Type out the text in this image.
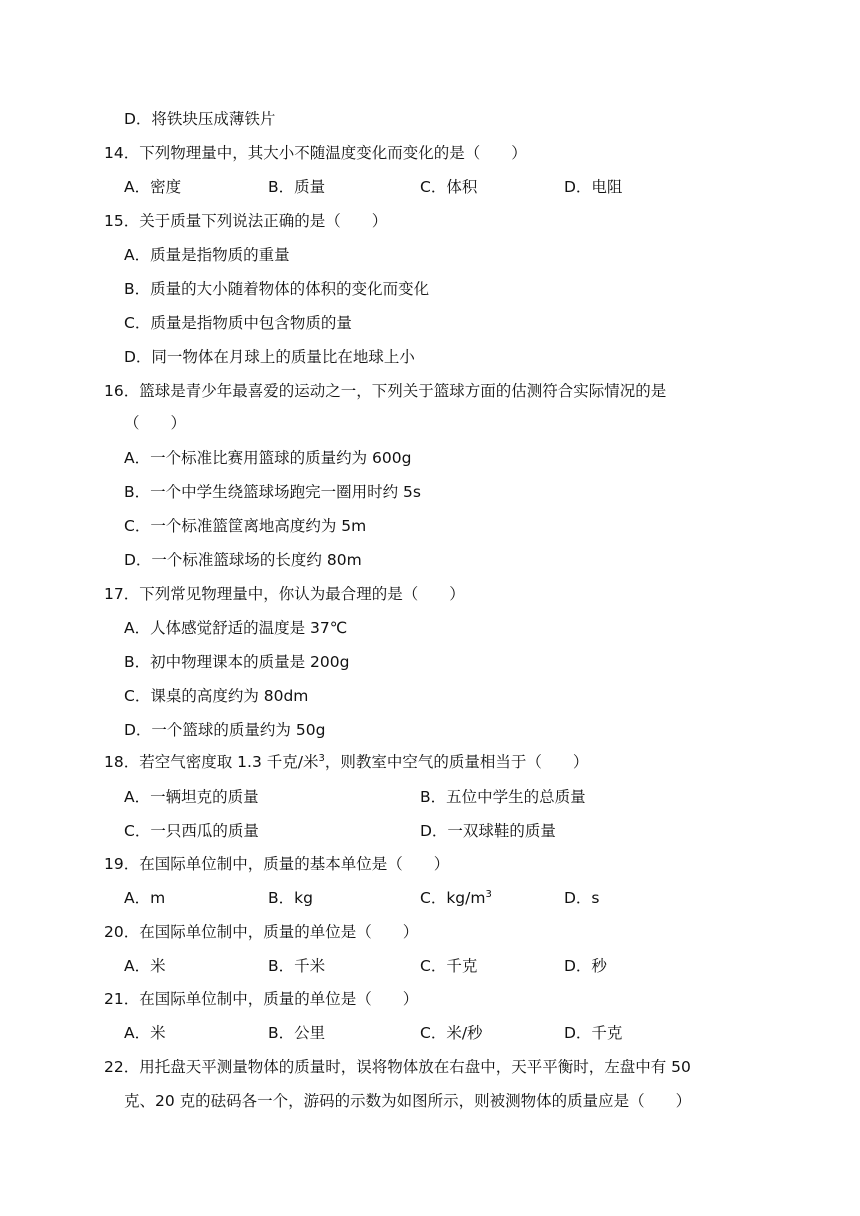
D．将铁块压成薄铁片
14．下列物理量中，其大小不随温度变化而变化的是（　　）
A．密度	B．质量	C．体积	D．电阻
15．关于质量下列说法正确的是（　　）
A．质量是指物质的重量
B．质量的大小随着物体的体积的变化而变化
C．质量是指物质中包含物质的量
D．同一物体在月球上的质量比在地球上小
16．篮球是青少年最喜爱的运动之一，下列关于篮球方面的估测符合实际情况的是
（　　）
A．一个标准比赛用篮球的质量约为 600g
B．一个中学生绕篮球场跑完一圈用时约 5s
C．一个标准篮筐离地高度约为 5m
D．一个标准篮球场的长度约 80m
17．下列常见物理量中，你认为最合理的是（　　）
A．人体感觉舒适的温度是 37℃
B．初中物理课本的质量是 200g
C．课桌的高度约为 80dm
D．一个篮球的质量约为 50g
18．若空气密度取 1.3 千克/米$^3$，则教室中空气的质量相当于（　　）
A．一辆坦克的质量	B．五位中学生的总质量
C．一只西瓜的质量	D．一双球鞋的质量
19．在国际单位制中，质量的基本单位是（　　）
A．m	B．kg	C．$kg/m^3$	D．s
20．在国际单位制中，质量的单位是（　　）
A．米	B．千米	C．千克	D．秒
21．在国际单位制中，质量的单位是（　　）
A．米	B．公里	C．米/秒	D．千克
22．用托盘天平测量物体的质量时，误将物体放在右盘中，天平平衡时，左盘中有 50
克、20 克的砝码各一个，游码的示数为如图所示，则被测物体的质量应是（　　）
